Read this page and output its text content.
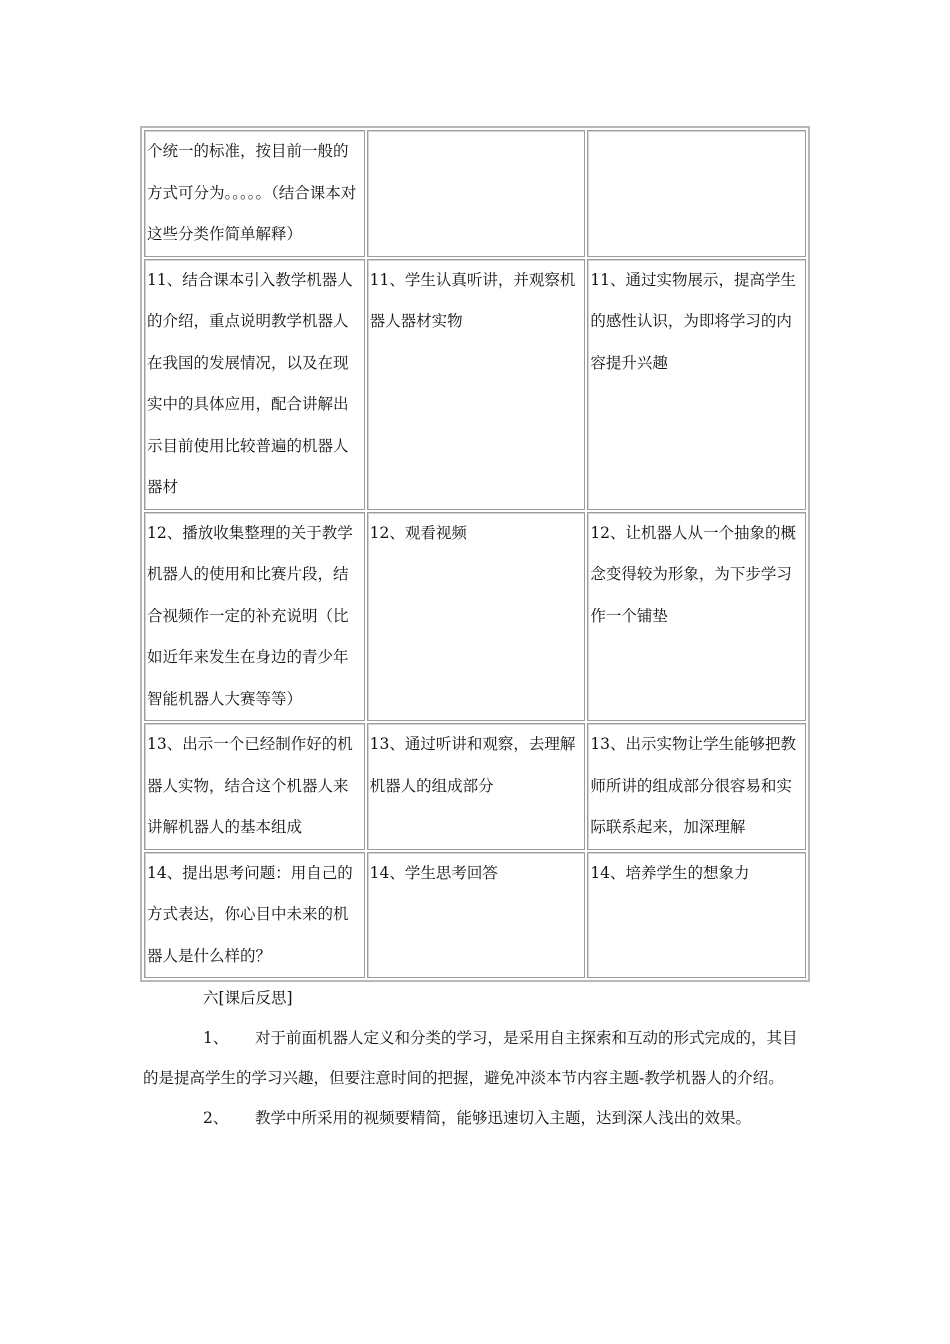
个统一的标准，按目前一般的方式可分为。。。。。（结合课本对这些分类作简单解释）		
11、结合课本引入教学机器人的介绍，重点说明教学机器人在我国的发展情况，以及在现实中的具体应用，配合讲解出示目前使用比较普遍的机器人器材	11、学生认真听讲，并观察机器人器材实物	11、通过实物展示，提高学生的感性认识，为即将学习的内容提升兴趣
12、播放收集整理的关于教学机器人的使用和比赛片段，结合视频作一定的补充说明（比如近年来发生在身边的青少年智能机器人大赛等等）	12、观看视频	12、让机器人从一个抽象的概念变得较为形象，为下步学习作一个铺垫
13、出示一个已经制作好的机器人实物，结合这个机器人来讲解机器人的基本组成	13、通过听讲和观察，去理解机器人的组成部分	13、出示实物让学生能够把教师所讲的组成部分很容易和实际联系起来，加深理解
14、提出思考问题：用自己的方式表达，你心目中未来的机器人是什么样的？	14、学生思考回答	14、培养学生的想象力
六[课后反思]
1、 对于前面机器人定义和分类的学习，是采用自主探索和互动的形式完成的，其目的是提高学生的学习兴趣，但要注意时间的把握，避免冲淡本节内容主题-教学机器人的介绍。
2、 教学中所采用的视频要精简，能够迅速切入主题，达到深人浅出的效果。
